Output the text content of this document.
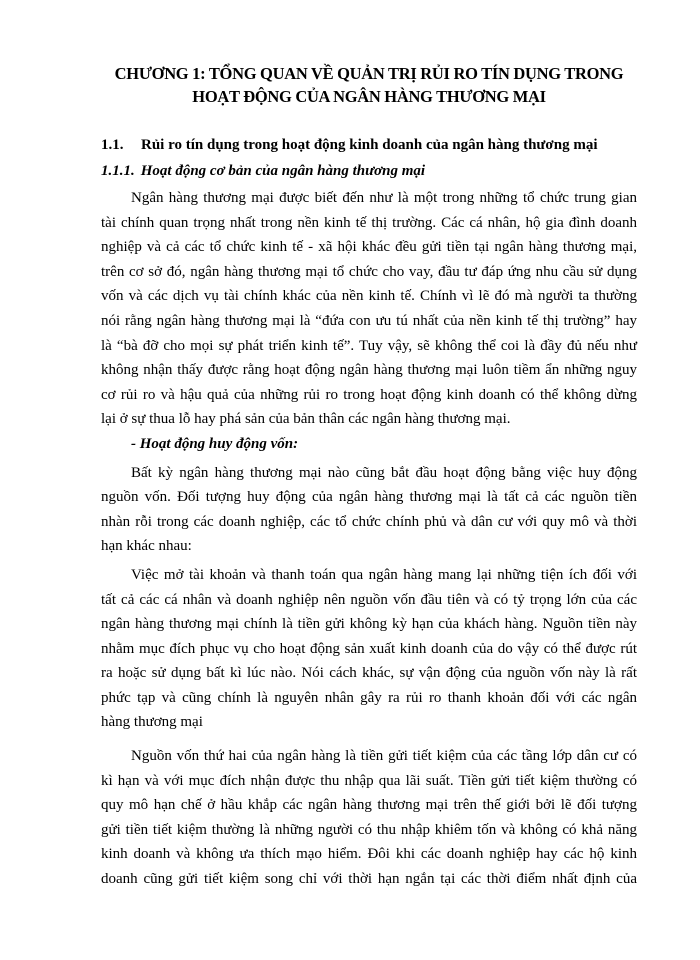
CHƯƠNG 1: TỔNG QUAN VỀ QUẢN TRỊ RỦI RO TÍN DỤNG TRONG
HOẠT ĐỘNG CỦA NGÂN HÀNG THƯƠNG MẠI
1.1.	Rủi ro tín dụng trong hoạt động kinh doanh của ngân hàng thương mại
1.1.1. Hoạt động cơ bản của ngân hàng thương mại
Ngân hàng thương mại được biết đến như là một trong những tổ chức trung gian
tài chính quan trọng nhất trong nền kinh tế thị trường. Các cá nhân, hộ gia đình doanh
nghiệp và cả các tổ chức kinh tế - xã hội khác đều gửi tiền tại ngân hàng thương mại,
trên cơ sở đó, ngân hàng thương mại tổ chức cho vay, đầu tư đáp ứng nhu cầu sử dụng
vốn và các dịch vụ tài chính khác của nền kinh tế. Chính vì lẽ đó mà người ta thường
nói rằng ngân hàng thương mại là “đứa con ưu tú nhất của nền kinh tế thị trường” hay
là “bà đỡ cho mọi sự phát triển kinh tế”. Tuy vậy, sẽ không thể coi là đầy đủ nếu như
không nhận thấy được rằng hoạt động ngân hàng thương mại luôn tiềm ẩn những nguy
cơ rủi ro và hậu quả của những rủi ro trong hoạt động kinh doanh có thể không dừng
lại ở sự thua lỗ hay phá sản của bản thân các ngân hàng thương mại.
- Hoạt động huy động vốn:
Bất kỳ ngân hàng thương mại nào cũng bắt đầu hoạt động bằng việc huy động
nguồn vốn. Đối tượng huy động của ngân hàng thương mại là tất cả các nguồn tiền
nhàn rỗi trong các doanh nghiệp, các tổ chức chính phủ và dân cư với quy mô và thời
hạn khác nhau:
Việc mở tài khoản và thanh toán qua ngân hàng mang lại những tiện ích đối với
tất cả các cá nhân và doanh nghiệp nên nguồn vốn đầu tiên và có tỷ trọng lớn của các
ngân hàng thương mại chính là tiền gửi không kỳ hạn của khách hàng. Nguồn tiền này
nhằm mục đích phục vụ cho hoạt động sản xuất kinh doanh của do vậy có thể được rút
ra hoặc sử dụng bất kì lúc nào. Nói cách khác, sự vận động của nguồn vốn này là rất
phức tạp và cũng chính là nguyên nhân gây ra rủi ro thanh khoản đối với các ngân
hàng thương mại
Nguồn vốn thứ hai của ngân hàng là tiền gửi tiết kiệm của các tầng lớp dân cư có
kì hạn và với mục đích nhận được thu nhập qua lãi suất. Tiền gửi tiết kiệm thường có
quy mô hạn chế ở hầu khắp các ngân hàng thương mại trên thế giới bởi lẽ đối tượng
gửi tiền tiết kiệm thường là những người có thu nhập khiêm tốn và không có khả năng
kinh doanh và không ưa thích mạo hiểm. Đôi khi các doanh nghiệp hay các hộ kinh
doanh cũng gửi tiết kiệm song chỉ với thời hạn ngắn tại các thời điểm nhất định của
